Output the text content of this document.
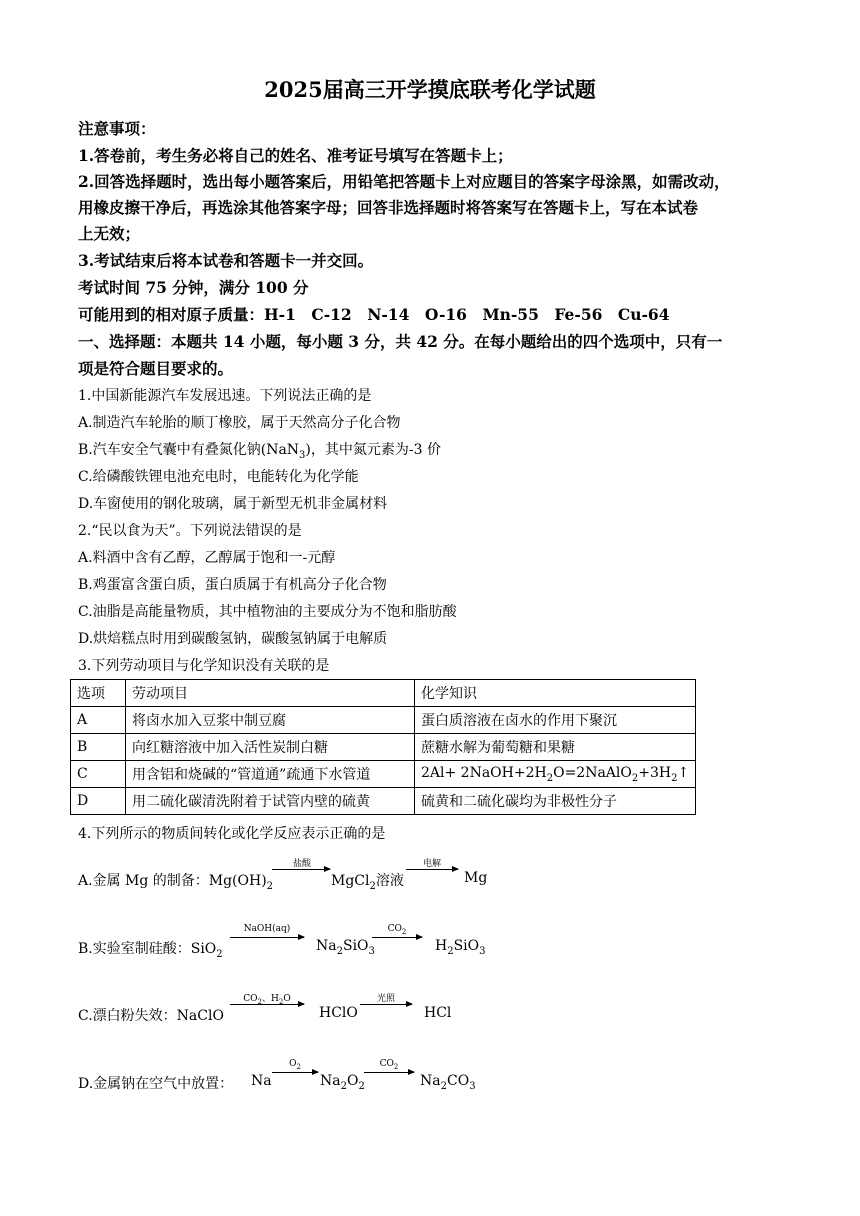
2025届高三开学摸底联考化学试题
注意事项：
1.答卷前，考生务必将自己的姓名、准考证号填写在答题卡上；
2.回答选择题时，选出每小题答案后，用铅笔把答题卡上对应题目的答案字母涂黑，如需改动，
用橡皮擦干净后，再选涂其他答案字母；回答非选择题时将答案写在答题卡上，写在本试卷
上无效；
3.考试结束后将本试卷和答题卡一并交回。
考试时间 75 分钟，满分 100 分
可能用到的相对原子质量：H-1　C-12　N-14　O-16　Mn-55　Fe-56　Cu-64
一、选择题：本题共 14 小题，每小题 3 分，共 42 分。在每小题给出的四个选项中，只有一
项是符合题目要求的。
1.中国新能源汽车发展迅速。下列说法正确的是
A.制造汽车轮胎的顺丁橡胶，属于天然高分子化合物
B.汽车安全气囊中有叠氮化钠(NaN$_3$)，其中氮元素为-3 价
C.给磷酸铁锂电池充电时，电能转化为化学能
D.车窗使用的钢化玻璃，属于新型无机非金属材料
2.“民以食为天”。下列说法错误的是
A.料酒中含有乙醇，乙醇属于饱和一-元醇
B.鸡蛋富含蛋白质，蛋白质属于有机高分子化合物
C.油脂是高能量物质，其中植物油的主要成分为不饱和脂肪酸
D.烘焙糕点时用到碳酸氢钠，碳酸氢钠属于电解质
3.下列劳动项目与化学知识没有关联的是
选项	劳动项目	化学知识
A	将卤水加入豆浆中制豆腐	蛋白质溶液在卤水的作用下聚沉
B	向红糖溶液中加入活性炭制白糖	蔗糖水解为葡萄糖和果糖
C	用含铝和烧碱的“管道通”疏通下水管道	$2Al+ 2NaOH+2H_2O=2NaAlO_2+3H_2↑$
D	用二硫化碳清洗附着于试管内壁的硫黄	硫黄和二硫化碳均为非极性分子
4.下列所示的物质间转化或化学反应表示正确的是
A.金属 Mg 的制备：$Mg(OH)_2$
盐酸
MgCl$_2$溶液
电解
Mg
B.实验室制硅酸：SiO$_2$
NaOH(aq)
$Na_2SiO_3$
$CO_2$
$H_2SiO_3$
C.漂白粉失效：NaClO
$CO_2$、$H_2O$
HClO
光照
HCl
D.金属钠在空气中放置： Na
$O_2$
$Na_2O_2$
$CO_2$
$Na_2CO_3$
